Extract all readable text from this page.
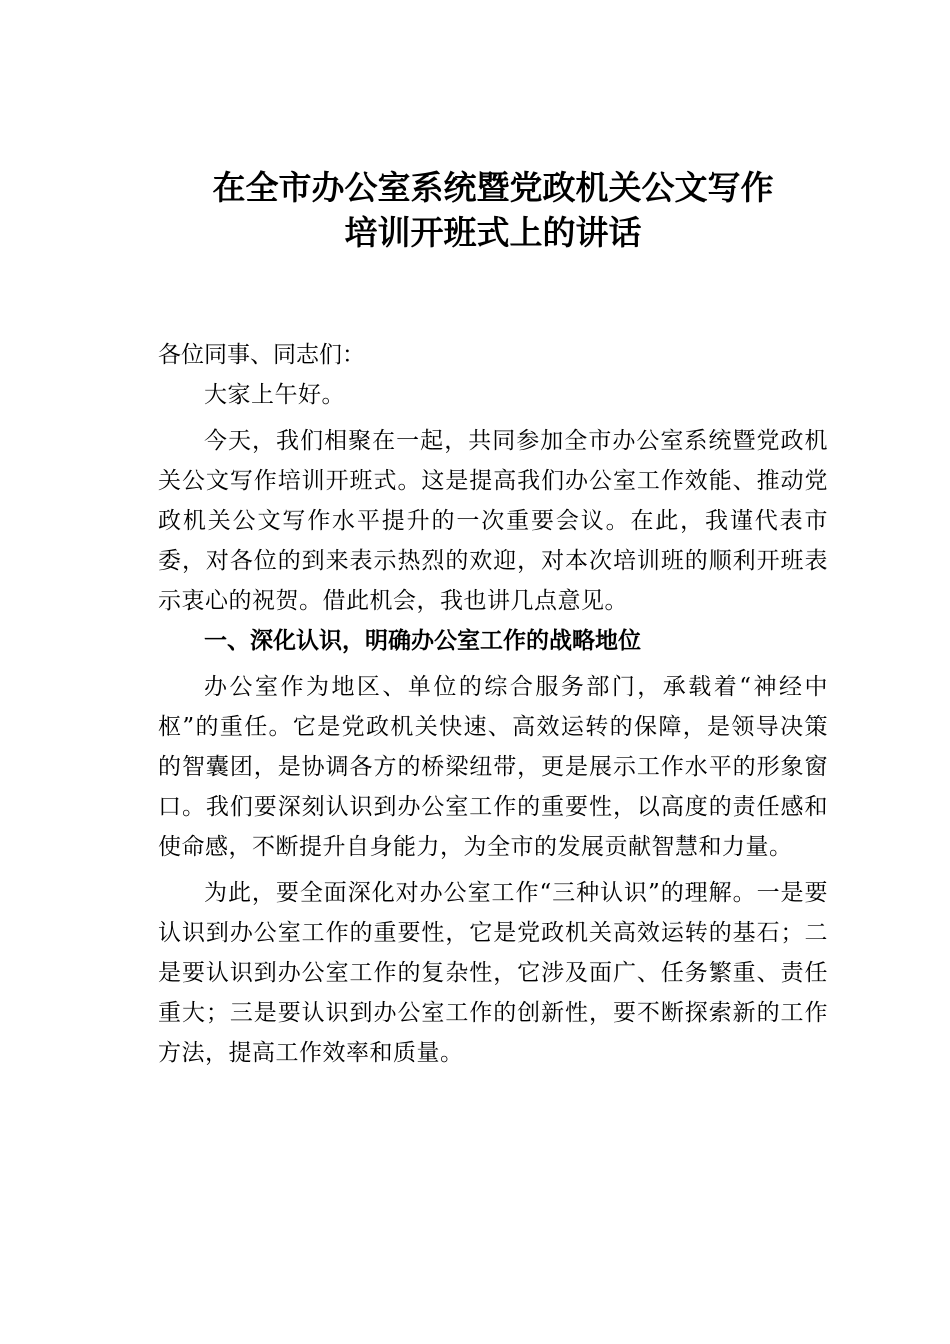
在全市办公室系统暨党政机关公文写作
培训开班式上的讲话

各位同事、同志们：

大家上午好。

今天，我们相聚在一起，共同参加全市办公室系统暨党政机关公文写作培训开班式。这是提高我们办公室工作效能、推动党政机关公文写作水平提升的一次重要会议。在此，我谨代表市委，对各位的到来表示热烈的欢迎，对本次培训班的顺利开班表示衷心的祝贺。借此机会，我也讲几点意见。

一、深化认识，明确办公室工作的战略地位

办公室作为地区、单位的综合服务部门，承载着“神经中枢”的重任。它是党政机关快速、高效运转的保障，是领导决策的智囊团，是协调各方的桥梁纽带，更是展示工作水平的形象窗口。我们要深刻认识到办公室工作的重要性，以高度的责任感和使命感，不断提升自身能力，为全市的发展贡献智慧和力量。

为此，要全面深化对办公室工作“三种认识”的理解。一是要认识到办公室工作的重要性，它是党政机关高效运转的基石；二是要认识到办公室工作的复杂性，它涉及面广、任务繁重、责任重大；三是要认识到办公室工作的创新性，要不断探索新的工作方法，提高工作效率和质量。
